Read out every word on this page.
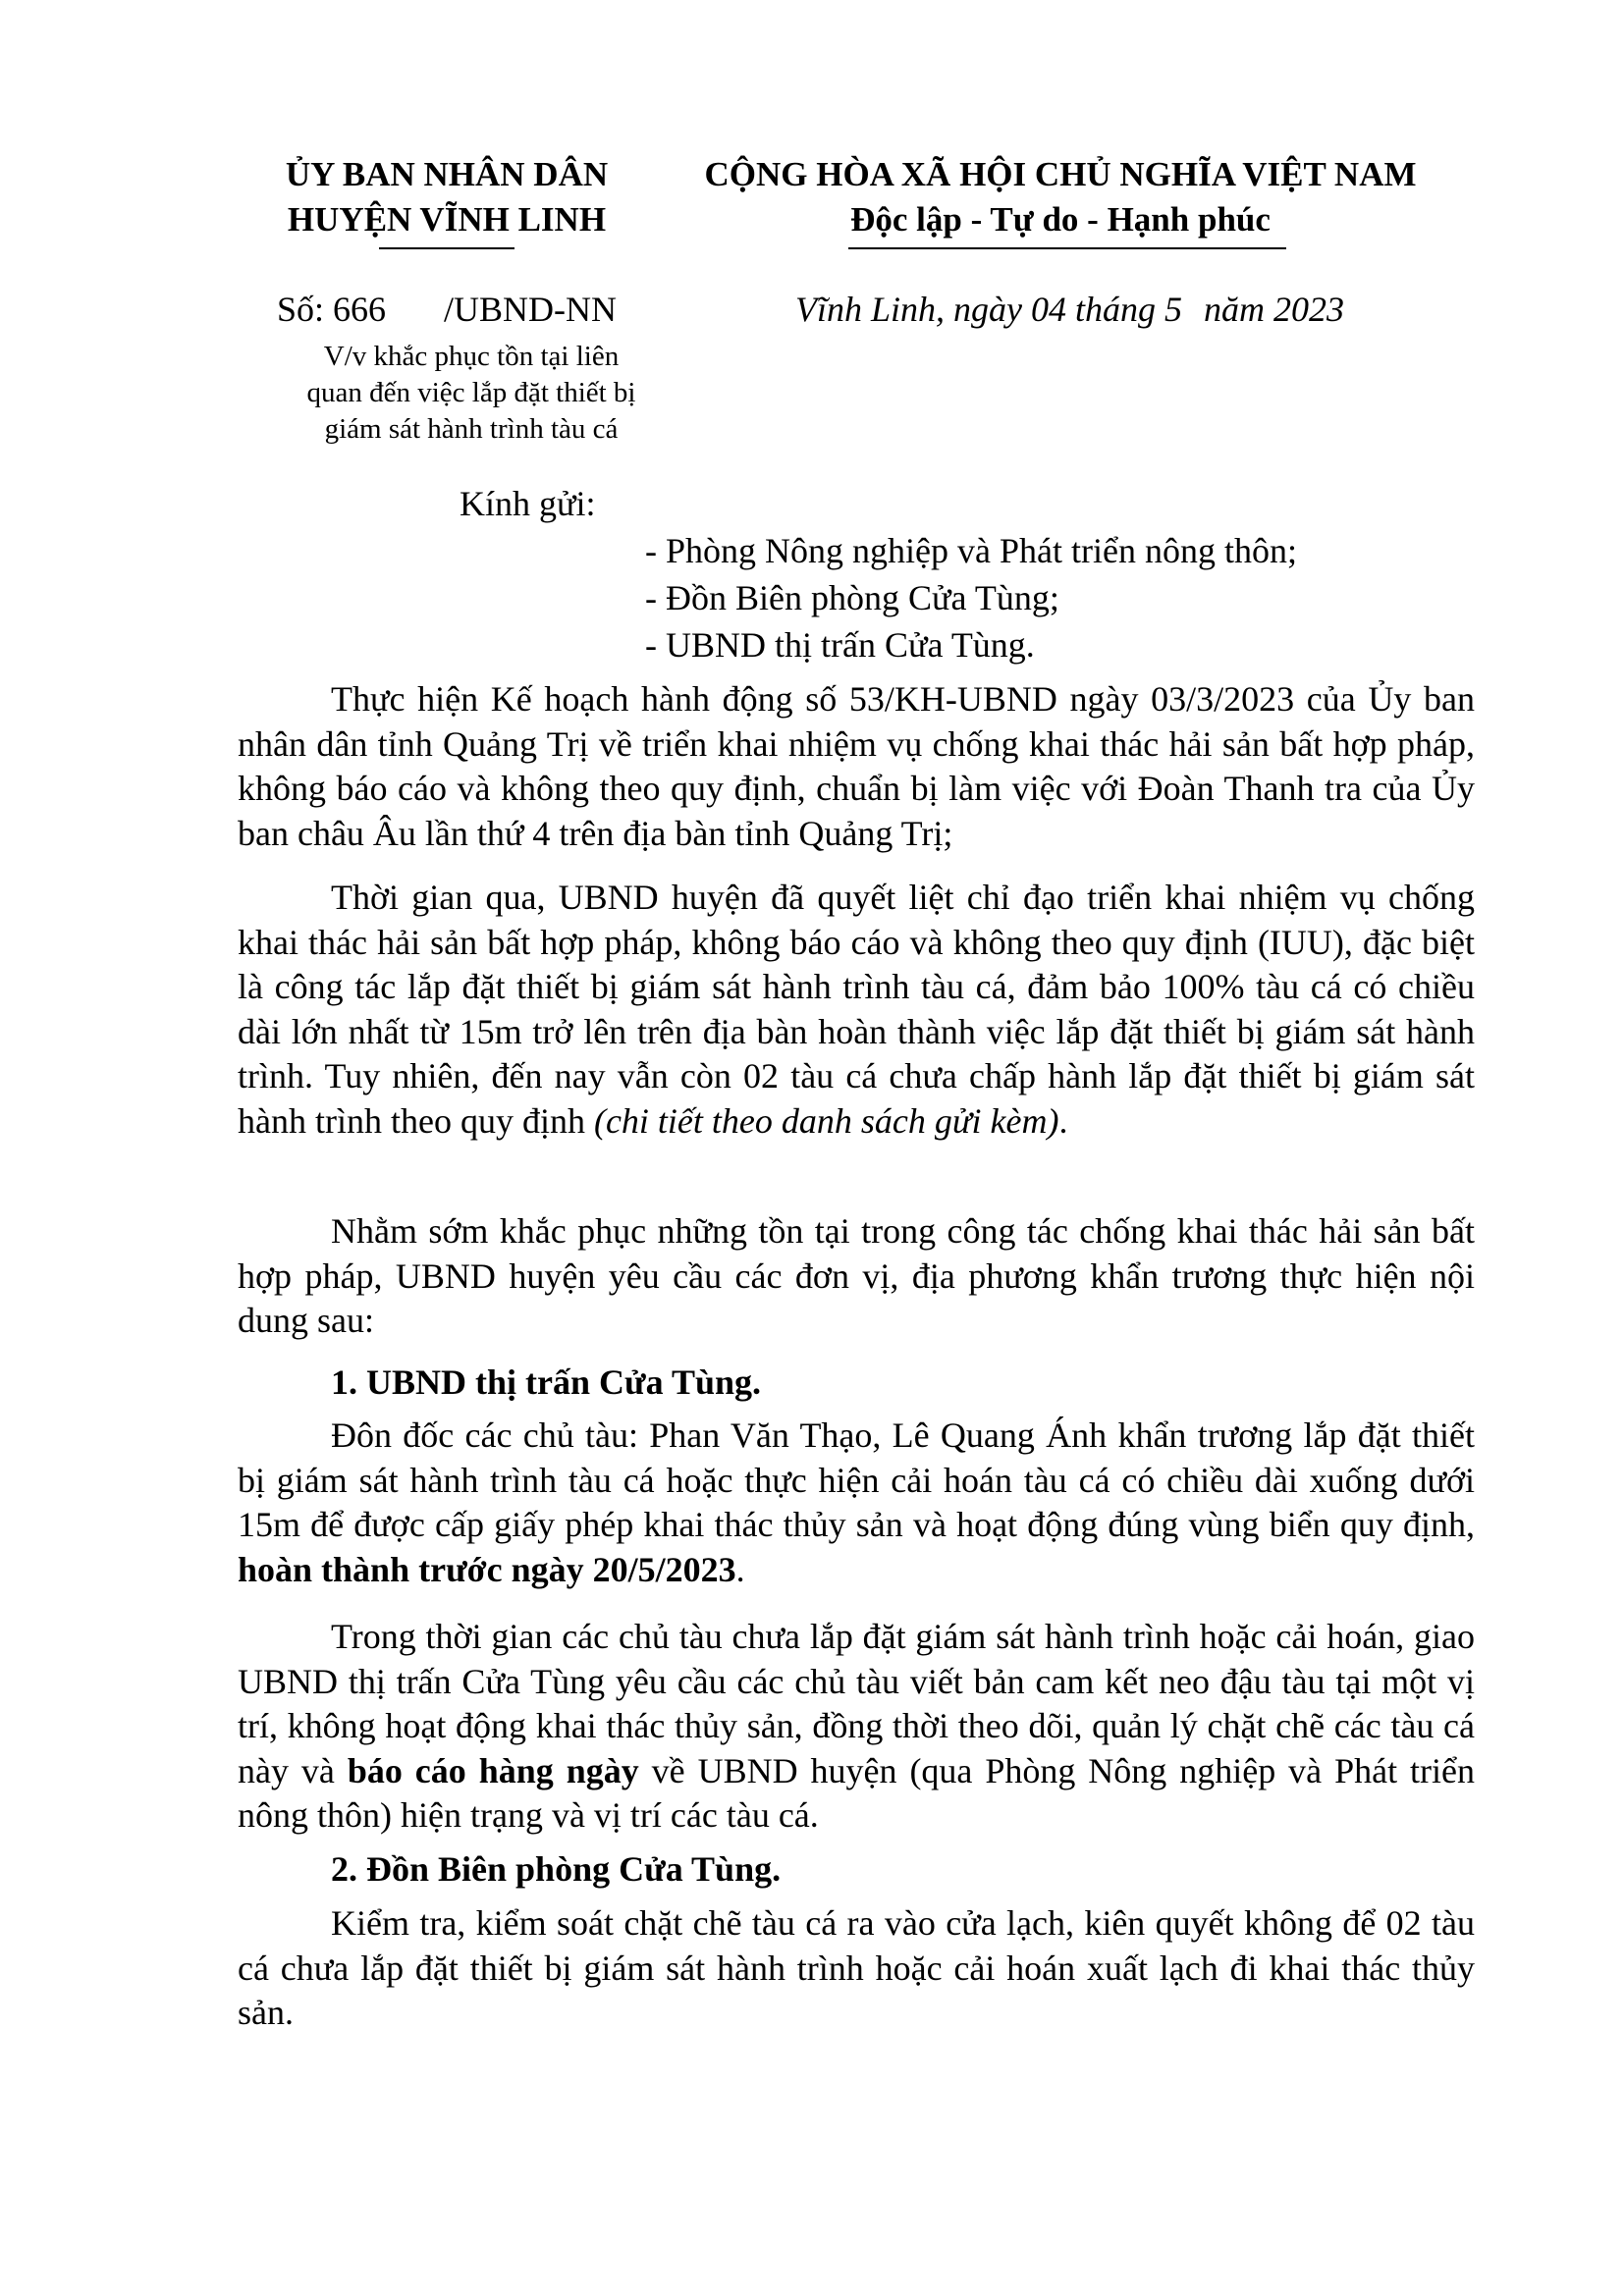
ỦY BAN NHÂN DÂN
HUYỆN VĨNH LINH
CỘNG HÒA XÃ HỘI CHỦ NGHĨA VIỆT NAM
Độc lập - Tự do - Hạnh phúc
Số: 666 /UBND-NN
V/v khắc phục tồn tại liên quan đến việc lắp đặt thiết bị giám sát hành trình tàu cá
Vĩnh Linh, ngày 04 tháng 5 năm 2023
Kính gửi:
- Phòng Nông nghiệp và Phát triển nông thôn;
- Đồn Biên phòng Cửa Tùng;
- UBND thị trấn Cửa Tùng.
Thực hiện Kế hoạch hành động số 53/KH-UBND ngày 03/3/2023 của Ủy ban nhân dân tỉnh Quảng Trị về triển khai nhiệm vụ chống khai thác hải sản bất hợp pháp, không báo cáo và không theo quy định, chuẩn bị làm việc với Đoàn Thanh tra của Ủy ban châu Âu lần thứ 4 trên địa bàn tỉnh Quảng Trị;
Thời gian qua, UBND huyện đã quyết liệt chỉ đạo triển khai nhiệm vụ chống khai thác hải sản bất hợp pháp, không báo cáo và không theo quy định (IUU), đặc biệt là công tác lắp đặt thiết bị giám sát hành trình tàu cá, đảm bảo 100% tàu cá có chiều dài lớn nhất từ 15m trở lên trên địa bàn hoàn thành việc lắp đặt thiết bị giám sát hành trình. Tuy nhiên, đến nay vẫn còn 02 tàu cá chưa chấp hành lắp đặt thiết bị giám sát hành trình theo quy định (chi tiết theo danh sách gửi kèm).
Nhằm sớm khắc phục những tồn tại trong công tác chống khai thác hải sản bất hợp pháp, UBND huyện yêu cầu các đơn vị, địa phương khẩn trương thực hiện nội dung sau:
1. UBND thị trấn Cửa Tùng.
Đôn đốc các chủ tàu: Phan Văn Thạo, Lê Quang Ánh khẩn trương lắp đặt thiết bị giám sát hành trình tàu cá hoặc thực hiện cải hoán tàu cá có chiều dài xuống dưới 15m để được cấp giấy phép khai thác thủy sản và hoạt động đúng vùng biển quy định, hoàn thành trước ngày 20/5/2023.
Trong thời gian các chủ tàu chưa lắp đặt giám sát hành trình hoặc cải hoán, giao UBND thị trấn Cửa Tùng yêu cầu các chủ tàu viết bản cam kết neo đậu tàu tại một vị trí, không hoạt động khai thác thủy sản, đồng thời theo dõi, quản lý chặt chẽ các tàu cá này và báo cáo hàng ngày về UBND huyện (qua Phòng Nông nghiệp và Phát triển nông thôn) hiện trạng và vị trí các tàu cá.
2. Đồn Biên phòng Cửa Tùng.
Kiểm tra, kiểm soát chặt chẽ tàu cá ra vào cửa lạch, kiên quyết không để 02 tàu cá chưa lắp đặt thiết bị giám sát hành trình hoặc cải hoán xuất lạch đi khai thác thủy sản.
